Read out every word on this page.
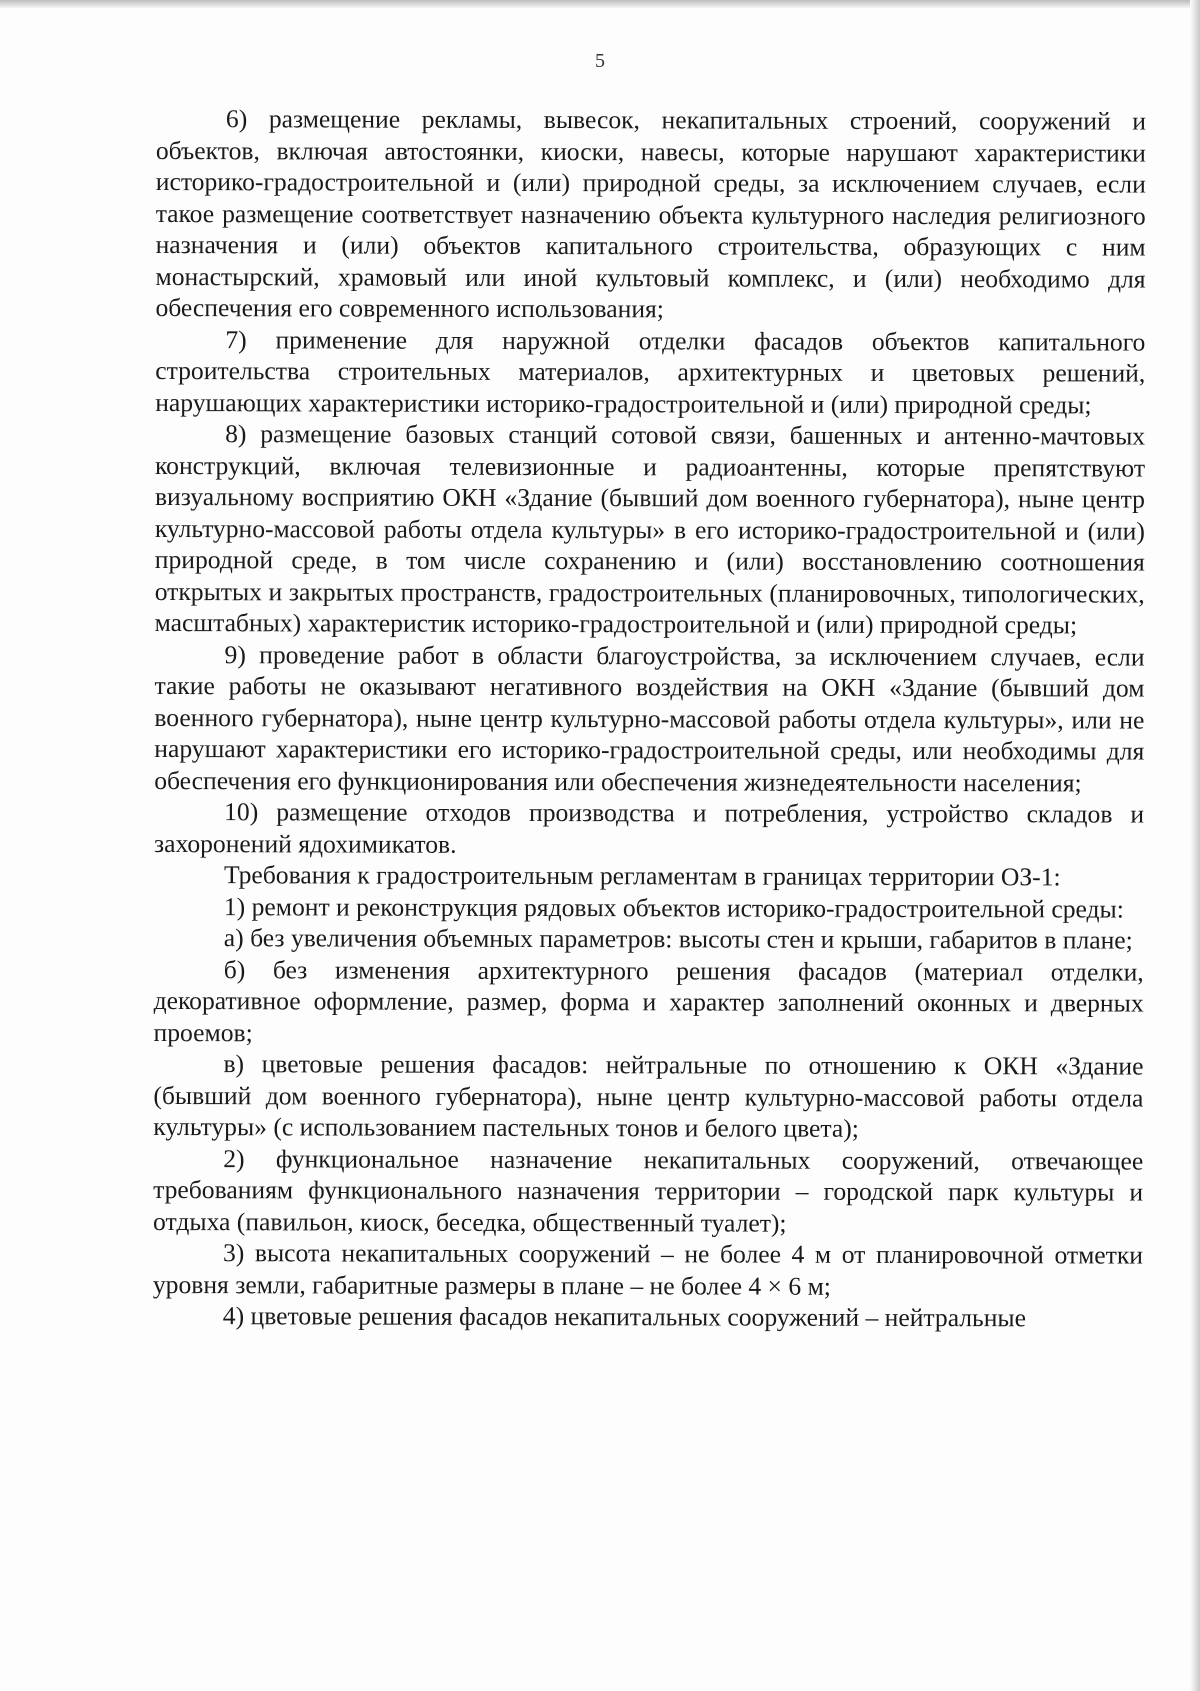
5

6) размещение рекламы, вывесок, некапитальных строений, сооружений и объектов, включая автостоянки, киоски, навесы, которые нарушают характеристики историко-градостроительной и (или) природной среды, за исключением случаев, если такое размещение соответствует назначению объекта культурного наследия религиозного назначения и (или) объектов капитального строительства, образующих с ним монастырский, храмовый или иной культовый комплекс, и (или) необходимо для обеспечения его современного использования;

7) применение для наружной отделки фасадов объектов капитального строительства строительных материалов, архитектурных и цветовых решений, нарушающих характеристики историко-градостроительной и (или) природной среды;

8) размещение базовых станций сотовой связи, башенных и антенно-мачтовых конструкций, включая телевизионные и радиоантенны, которые препятствуют визуальному восприятию ОКН «Здание (бывший дом военного губернатора), ныне центр культурно-массовой работы отдела культуры» в его историко-градостроительной и (или) природной среде, в том числе сохранению и (или) восстановлению соотношения открытых и закрытых пространств, градостроительных (планировочных, типологических, масштабных) характеристик историко-градостроительной и (или) природной среды;

9) проведение работ в области благоустройства, за исключением случаев, если такие работы не оказывают негативного воздействия на ОКН «Здание (бывший дом военного губернатора), ныне центр культурно-массовой работы отдела культуры», или не нарушают характеристики его историко-градостроительной среды, или необходимы для обеспечения его функционирования или обеспечения жизнедеятельности населения;

10) размещение отходов производства и потребления, устройство складов и захоронений ядохимикатов.

Требования к градостроительным регламентам в границах территории ОЗ-1:

1) ремонт и реконструкция рядовых объектов историко-градостроительной среды:

а) без увеличения объемных параметров: высоты стен и крыши, габаритов в плане;

б) без изменения архитектурного решения фасадов (материал отделки, декоративное оформление, размер, форма и характер заполнений оконных и дверных проемов;

в) цветовые решения фасадов: нейтральные по отношению к ОКН «Здание (бывший дом военного губернатора), ныне центр культурно-массовой работы отдела культуры» (с использованием пастельных тонов и белого цвета);

2) функциональное назначение некапитальных сооружений, отвечающее требованиям функционального назначения территории – городской парк культуры и отдыха (павильон, киоск, беседка, общественный туалет);

3) высота некапитальных сооружений – не более 4 м от планировочной отметки уровня земли, габаритные размеры в плане – не более 4 × 6 м;

4) цветовые решения фасадов некапитальных сооружений – нейтральные
